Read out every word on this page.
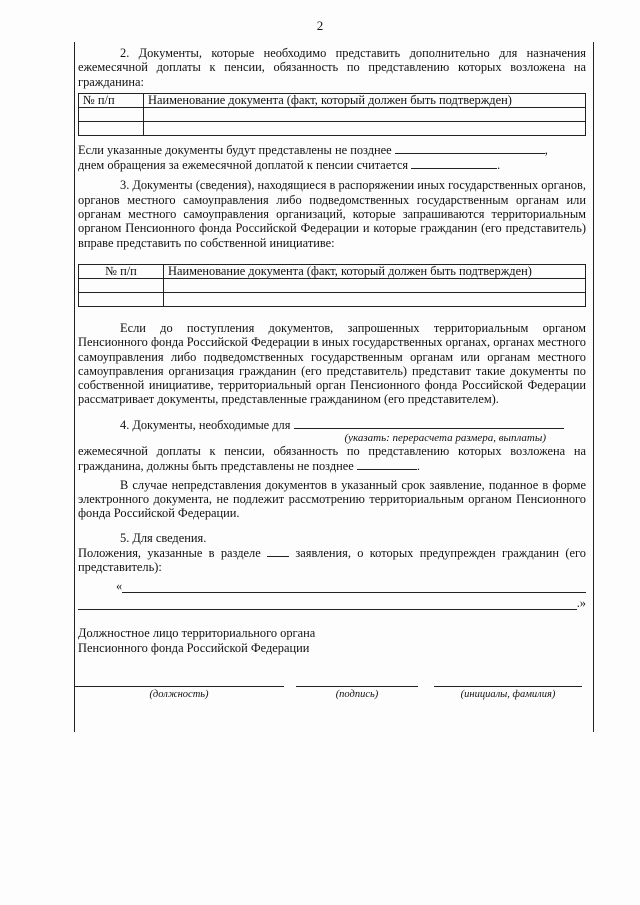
2

2. Документы, которые необходимо представить дополнительно для назначения ежемесячной доплаты к пенсии, обязанность по представлению которых возложена на гражданина:

№ п/п	Наименование документа (факт, который должен быть подтвержден)

Если указанные документы будут представлены не позднее	,

днем обращения за ежемесячной доплатой к пенсии считается	.

3. Документы (сведения), находящиеся в распоряжении иных государственных органов, органов местного самоуправления либо подведомственных государственным органам или органам местного самоуправления организаций, которые запрашиваются территориальным органом Пенсионного фонда Российской Федерации и которые гражданин (его представитель) вправе представить по собственной инициативе:

№ п/п	Наименование документа (факт, который должен быть подтвержден)

Если до поступления документов, запрошенных территориальным органом Пенсионного фонда Российской Федерации в иных государственных органах, органах местного самоуправления либо подведомственных государственным органам или органам местного самоуправления организация гражданин (его представитель) представит такие документы по собственной инициативе, территориальный орган Пенсионного фонда Российской Федерации рассматривает документы, представленные гражданином (его представителем).

4. Документы, необходимые для

(указать: перерасчета размера, выплаты)

ежемесячной доплаты к пенсии, обязанность по представлению которых возложена на гражданина, должны быть представлены не позднее	.

В случае непредставления документов в указанный срок заявление, поданное в форме электронного документа, не подлежит рассмотрению территориальным органом Пенсионного фонда Российской Федерации.

5. Для сведения.

Положения, указанные в разделе	заявления, о которых предупрежден гражданин (его представитель):

«
.»

Должностное лицо территориального органа

Пенсионного фонда Российской Федерации

(должность)	(подпись)	(инициалы, фамилия)
